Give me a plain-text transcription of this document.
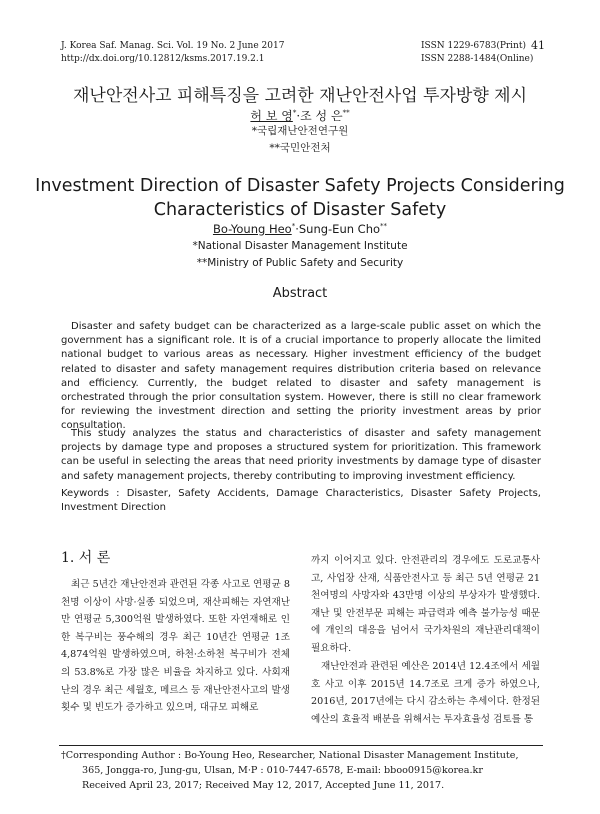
J. Korea Saf. Manag. Sci. Vol. 19 No. 2 June 2017
http://dx.doi.org/10.12812/ksms.2017.19.2.1
ISSN 1229-6783(Print)
ISSN 2288-1484(Online)
41
재난안전사고 피해특징을 고려한 재난안전사업 투자방향 제시
허 보 영*·조 성 은**
*국립재난안전연구원
**국민안전처
Investment Direction of Disaster Safety Projects Considering
Characteristics of Disaster Safety
Bo-Young Heo*·Sung-Eun Cho**
*National Disaster Management Institute
**Ministry of Public Safety and Security
Abstract
Disaster and safety budget can be characterized as a large-scale public asset on which the government has a significant role. It is of a crucial importance to properly allocate the limited national budget to various areas as necessary. Higher investment efficiency of the budget related to disaster and safety management requires distribution criteria based on relevance and efficiency. Currently, the budget related to disaster and safety management is orchestrated through the prior consultation system. However, there is still no clear framework for reviewing the investment direction and setting the priority investment areas by prior consultation.
This study analyzes the status and characteristics of disaster and safety management projects by damage type and proposes a structured system for prioritization. This framework can be useful in selecting the areas that need priority investments by damage type of disaster and safety management projects, thereby contributing to improving investment efficiency.
Keywords : Disaster, Safety Accidents, Damage Characteristics, Disaster Safety Projects, Investment Direction
1. 서 론
최근 5년간 재난안전과 관련된 각종 사고로 연평균 8천명 이상이 사망·실종 되었으며, 재산피해는 자연재난만 연평균 5,300억원 발생하였다. 또한 자연재해로 인한 복구비는 풍수해의 경우 최근 10년간 연평균 1조 4,874억원 발생하였으며, 하천·소하천 복구비가 전체의 53.8%로 가장 많은 비율을 차지하고 있다. 사회재난의 경우 최근 세월호, 메르스 등 재난안전사고의 발생 횟수 및 빈도가 증가하고 있으며, 대규모 피해로
까지 이어지고 있다. 안전관리의 경우에도 도로교통사고, 사업장 산재, 식품안전사고 등 최근 5년 연평균 21천여명의 사망자와 43만명 이상의 부상자가 발생했다. 재난 및 안전부문 피해는 파급력과 예측 불가능성 때문에 개인의 대응을 넘어서 국가차원의 재난관리대책이 필요하다.
재난안전과 관련된 예산은 2014년 12.4조에서 세월호 사고 이후 2015년 14.7조로 크게 증가 하였으나, 2016년, 2017년에는 다시 감소하는 추세이다. 한정된 예산의 효율적 배분을 위해서는 투자효율성 검토를 통
†Corresponding Author : Bo-Young Heo, Researcher, National Disaster Management Institute,
365, Jongga-ro, Jung-gu, Ulsan, M·P : 010-7447-6578, E-mail: bboo0915@korea.kr
Received April 23, 2017; Received May 12, 2017, Accepted June 11, 2017.
